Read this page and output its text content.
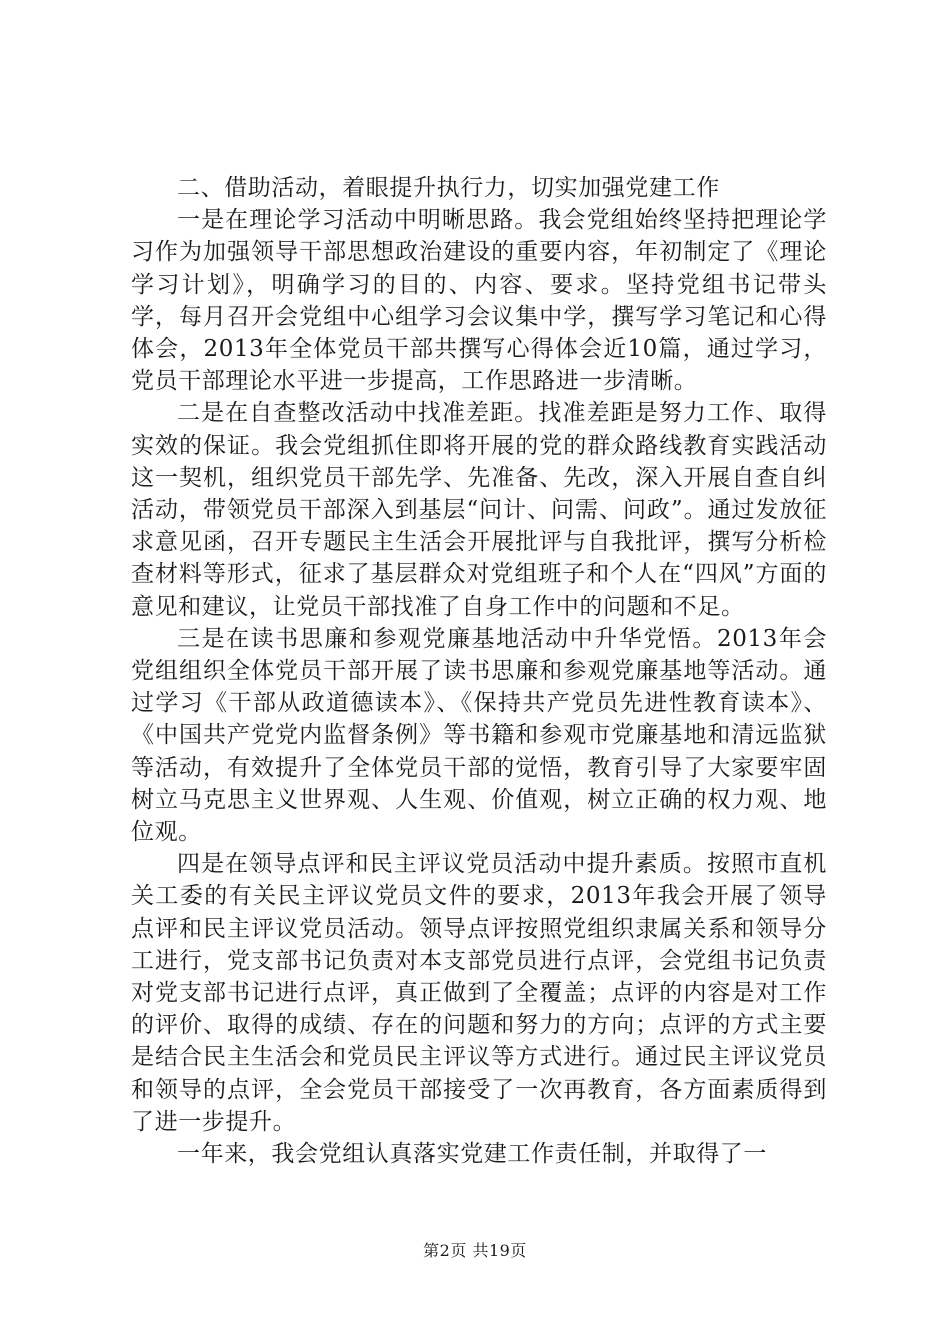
二、借助活动，着眼提升执行力，切实加强党建工作

一是在理论学习活动中明晰思路。我会党组始终坚持把理论学习作为加强领导干部思想政治建设的重要内容，年初制定了《理论学习计划》，明确学习的目的、内容、要求。坚持党组书记带头学，每月召开会党组中心组学习会议集中学，撰写学习笔记和心得体会，2013年全体党员干部共撰写心得体会近10篇，通过学习，党员干部理论水平进一步提高，工作思路进一步清晰。

二是在自查整改活动中找准差距。找准差距是努力工作、取得实效的保证。我会党组抓住即将开展的党的群众路线教育实践活动这一契机，组织党员干部先学、先准备、先改，深入开展自查自纠活动，带领党员干部深入到基层“问计、问需、问政”。通过发放征求意见函，召开专题民主生活会开展批评与自我批评，撰写分析检查材料等形式，征求了基层群众对党组班子和个人在“四风”方面的意见和建议，让党员干部找准了自身工作中的问题和不足。

三是在读书思廉和参观党廉基地活动中升华党悟。2013年会党组组织全体党员干部开展了读书思廉和参观党廉基地等活动。通过学习《干部从政道德读本》、《保持共产党员先进性教育读本》、《中国共产党党内监督条例》等书籍和参观市党廉基地和清远监狱等活动，有效提升了全体党员干部的觉悟，教育引导了大家要牢固树立马克思主义世界观、人生观、价值观，树立正确的权力观、地位观。

四是在领导点评和民主评议党员活动中提升素质。按照市直机关工委的有关民主评议党员文件的要求，2013年我会开展了领导点评和民主评议党员活动。领导点评按照党组织隶属关系和领导分工进行，党支部书记负责对本支部党员进行点评，会党组书记负责对党支部书记进行点评，真正做到了全覆盖；点评的内容是对工作的评价、取得的成绩、存在的问题和努力的方向；点评的方式主要是结合民主生活会和党员民主评议等方式进行。通过民主评议党员和领导的点评，全会党员干部接受了一次再教育，各方面素质得到了进一步提升。

一年来，我会党组认真落实党建工作责任制，并取得了一

第2页 共19页
